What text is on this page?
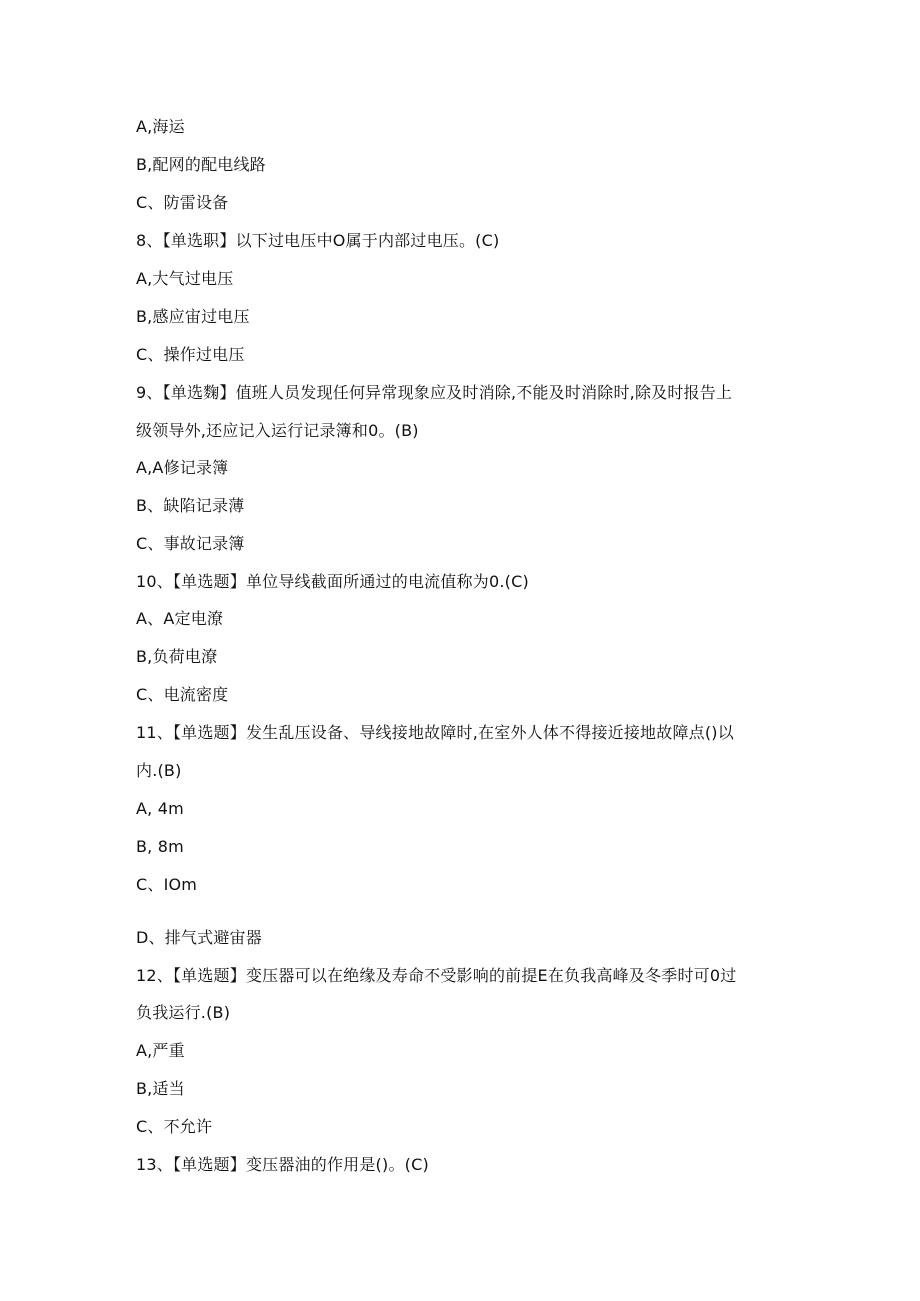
A,海运
B,配网的配电线路
C、防雷设备
8、【单选职】以下过电压中O属于内部过电压。(C)
A,大气过电压
B,感应宙过电压
C、操作过电压
9、【单选麴】值班人员发现任何异常现象应及时消除,不能及时消除时,除及时报告上
级领导外,还应记入运行记录簿和0。(B)
A,A修记录簿
B、缺陷记录薄
C、事故记录簿
10、【单选题】单位导线截面所通过的电流值称为0.(C)
A、A定电潦
B,负荷电潦
C、电流密度
11、【单选题】发生乱压设备、导线接地故障时,在室外人体不得接近接地故障点()以
内.(B)
A, 4m
B, 8m
C、IOm
D、排气式避宙器
12、【单选题】变压器可以在绝缘及寿命不受影响的前提E在负我高峰及冬季时可0过
负我运行.(B)
A,严重
B,适当
C、不允许
13、【单选题】变压器油的作用是()。(C)
